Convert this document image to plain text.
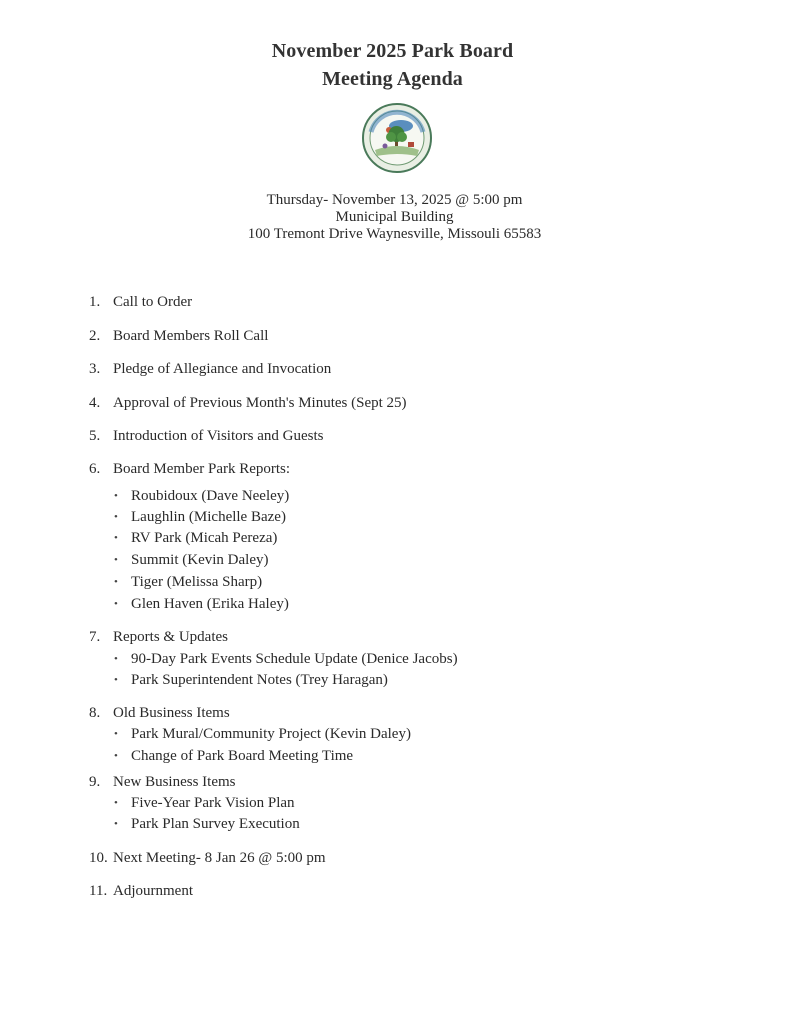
November 2025 Park Board
Meeting Agenda
Thursday- November 13, 2025 @ 5:00 pm
Municipal Building
100 Tremont Drive Waynesville, Missouli 65583
1. Call to Order
2. Board Members Roll Call
3. Pledge of Allegiance and Invocation
4. Approval of Previous Month's Minutes (Sept 25)
5. Introduction of Visitors and Guests
6. Board Member Park Reports:
• Roubidoux (Dave Neeley)
• Laughlin (Michelle Baze)
• RV Park (Micah Pereza)
• Summit (Kevin Daley)
• Tiger (Melissa Sharp)
• Glen Haven (Erika Haley)
7. Reports & Updates
• 90-Day Park Events Schedule Update (Denice Jacobs)
• Park Superintendent Notes (Trey Haragan)
8. Old Business Items
• Park Mural/Community Project (Kevin Daley)
• Change of Park Board Meeting Time
9. New Business Items
• Five-Year Park Vision Plan
• Park Plan Survey Execution
10. Next Meeting- 8 Jan 26 @ 5:00 pm
11. Adjournment
